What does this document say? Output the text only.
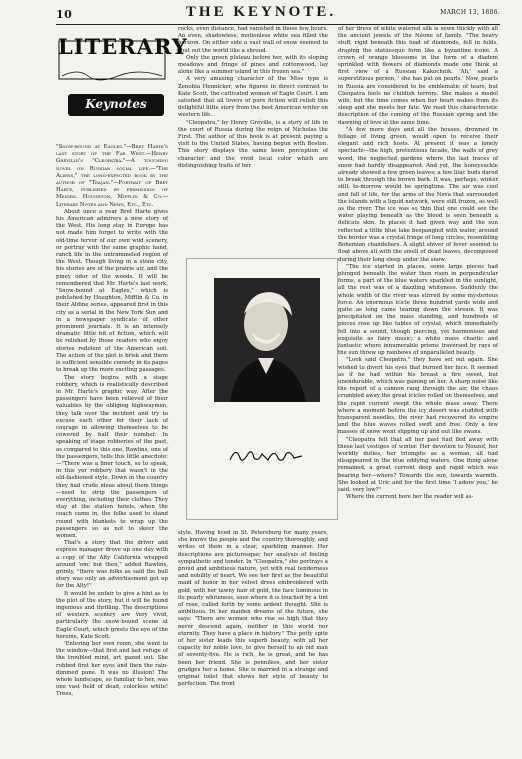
10	THE KEYNOTE.	MARCH 13, 1886.
LITERARY
Keynotes

"Snow-bound at Eagles."—Bret Harte's last story of the Far West.—Henry Gréville's "Cleopatra."—A touching novel on Russian social life.—"The Aliens," the long-expected book by the author of "Trajan."—Portrait of Bret Harte, published by permission of Messrs. Houghton, Mifflin & Co.—Literary Notes and News, Etc., Etc.

About once a year Bret Harte gives his American admirers a new story of the West. His long stay in Europe has not made him forget to write with the old-time fervor of our own wild scenery, or portray with the same graphic hand, ranch life in the untrammeled region of the West. Though living in a stone city, his stories are of the prairie air, and the piney odor of the woods. It will be remembered that Mr. Harte's last work, "Snow-bound at Eagles," which is published by Houghton, Mifflin & Co. in their Aldine series, appeared first in this city as a serial in the New York Sun and in a newspaper syndicate of other prominent journals. It is an intensely dramatic little bit of fiction, which will be relished by those readers who enjoy stories redolent of the American soil. The action of the plot is brisk and there is sufficient sensible comedy in its pages to break up the more exciting passages.

The story begins with a stage robbery, which is realistically described in Mr. Harte's graphic way. After the passengers have been relieved of their valuables by the obliging highwaymen, they talk over the incident and try to excuse each other for their lack of courage in allowing themselves to be cowered by half their number. In speaking of stage robberies of the past, as compared to this one, Rawlins, one of the passengers, tells this little anecdote:—"There was a finer touch, so to speak, in this yer robbery that wasn't in the old-fashioned style. Down in the country they had crude ideas about them things—used to strip the passengers of everything, including their clothes. They stay at the station hotels, when the coach came in, the folks used to stand round with blankets to wrap up the passengers so as not to skeer the women.

That's a story that the driver and express manager drove up one day with a copy of the Alty California wrapped around 'em; but then," added Rawlins, grimly, "there was folks as said the bull story was only an advertisement got up for the Alty!"

It would be unfair to give a hint as to the plot of the story, but it will be found ingenious and thrilling. The descriptions of western scenery are very vivid, particularly the snow-bound scene at Eagle Court, which greets the eye of the heroine, Kate Scott.

'Entering her own room, she went to the window—that first and last refuge of the troubled mind, art gazed out. She rubbed first her eyes and then the rain-dimmed pane. It was no illusion! The whole landscape, so familiar to her, was one vast field of dead, colorless white! Trees,

rocks, even distance, had vanished in those few hours. An even, shadowless, motionless white sea filled the horizon. On either side a vast wall of snow seemed to shut out the world like a shroud.

Only the green plateau before her, with its sloping meadows and fringe of pines and cottonwood, lay alone like a summer island in this frozen sea."

A very amusing character of the Miss type is Zenobia Hennicker, who figures in direct contrast to Kate Scott, the cultivated woman of Eagle Court. I am satisfied that all lovers of pure fiction will relish this delightful little story from the best American writer on western life.

"Cleopatra," by Henry Gréville, is a story of life in the court of Russia during the reign of Nicholas the First. The author of this book is at present paying a visit to the United States, having begun with Boston. This story displays the same keen perception of character and the vivid local color which are distinguishing traits of her

style. Having lived in St. Petersburg for many years, she knows the people and the country thoroughly, and writes of them in a clear, sparkling manner. Her descriptions are picturesque; her analysis of feeling sympathetic and tender. In "Cleopatra," she portrays a proud and ambitious nature, yet with real tenderness and nobility of heart. We see her first as the beautiful maid of honor in her velvet dress embroidered with gold, with her tawny hair of gold, the face luminous in its pearly whiteness, save where it is touched by a tint of rose, called forth by some ardent thought. She is ambitious. In her maiden dreams of the future, she says: "There are women who rise so high that they never descend again, neither in this world nor eternity. They have a place in history." The petty spite of her sister leads this superb beauty, with all her capacity for noble love, to give herself to an old man of seventy-five. He is rich, he is great, and he has been her friend. She is penniless, and her sister grudges her a home. She is married in a strange and original toilet that shows her style of beauty to perfection. The front

of her dress of white watered silk is sewn thickly with all the ancient jewels of the Néone of family. "The heavy stuff, rigid beneath this load of diamonds, fell in folds, draping the statuesque form like a byzantine icone. A crown of orange blossoms in the form of a diadem sprinkled with flowers of diamonds made one think at first view of a Russian Kakochnik. 'Ah,' said a superstitious person, ' she has put on pearls.' Now, pearls in Russia are considered to be emblematic of tears, but Cleopatra feels no childish terrors. She makes a model wife, but the time comes when her heart wakes from its sleep and she meets her fate. We read this characteristic description of the coming of the Russian spring and the dawning of love at the same time.

"A few more days and all the houses, drowned in foliage of living green, would open to receive their elegant and rich hosts. At present it was a lonely spectacle—the high, pretentious facade, the walls of grey wood, the neglected gardens where the last traces of snow had hardly disappeared. And yet, the honeysuckle already showed a few green leaves; a few lilac buds dared to break through the brown bark. It was, perhaps, winter still; to-morrow would be springtime. The air was cool and full of life, for the arms of the Neva that surrounded the islands with a liquid network, were still frozen, as well as the river. The ice was so thin that one could see the water playing beneath as the blood is seen beneath a delicate skin. In places it had given way and the sun reflected a little blue lake bespangled with water, around the border was a crystal fringe of long circles, resembling Bohemian chandeliers. A slight shiver of fever seemed to float above all with the smell of dead leaves, decomposed during their long sleep under the snow.

"The ice started in places, some large pieces had plunged beneath the water then risen in perpendicular forms, a part of the blue waters sparkled in the sunlight, all the rest was of a dazzling whiteness. Suddenly the whole width of the river was stirred by some mysterious force. An enormous icicle three hundred yards wide and quite as long came tearing down the stream. It was precipitated on the mass standing, and hundreds of pieces rose up like tables of crystal, which immediately fell into a sound, though piercing, yet harmonious and exquisite as fairy music; a white mass chaotic and fantastic where innumerable prisms traversed by rays of the sun threw up rainbows of unparalleled beauty.

"Look said Cleopatra," they have set out again. She wished to divert his eyes that burned her face. It seemed as if he had within his breast a fire sweet, but unendurable, which was gaining on her. A sharp noise like the report of a cannon rang through the air, the chaos crumbled away the great icicles rolled on themselves, and the rapid current swept the whole mass away. There where a moment before the icy desert was studded with transparent needles, the river had recovered its empire and the blue waves rolled swift and free. Only a few masses of snow went slipping up and out like swans.

"Cleopatra felt that all her past had fled away with these last vestiges of winter. Her devotion to Nouzof, her worldly duties, her triumphs as a woman, all had disappeared in the blue eddying waters. One thing alone remained, a great current deep and rapid which was bearing her—where? Towards the sun, towards warmth. She looked at Uric and for the first time 'I adore you,' he said, very low?"

Where the current bore her the reader will as-
